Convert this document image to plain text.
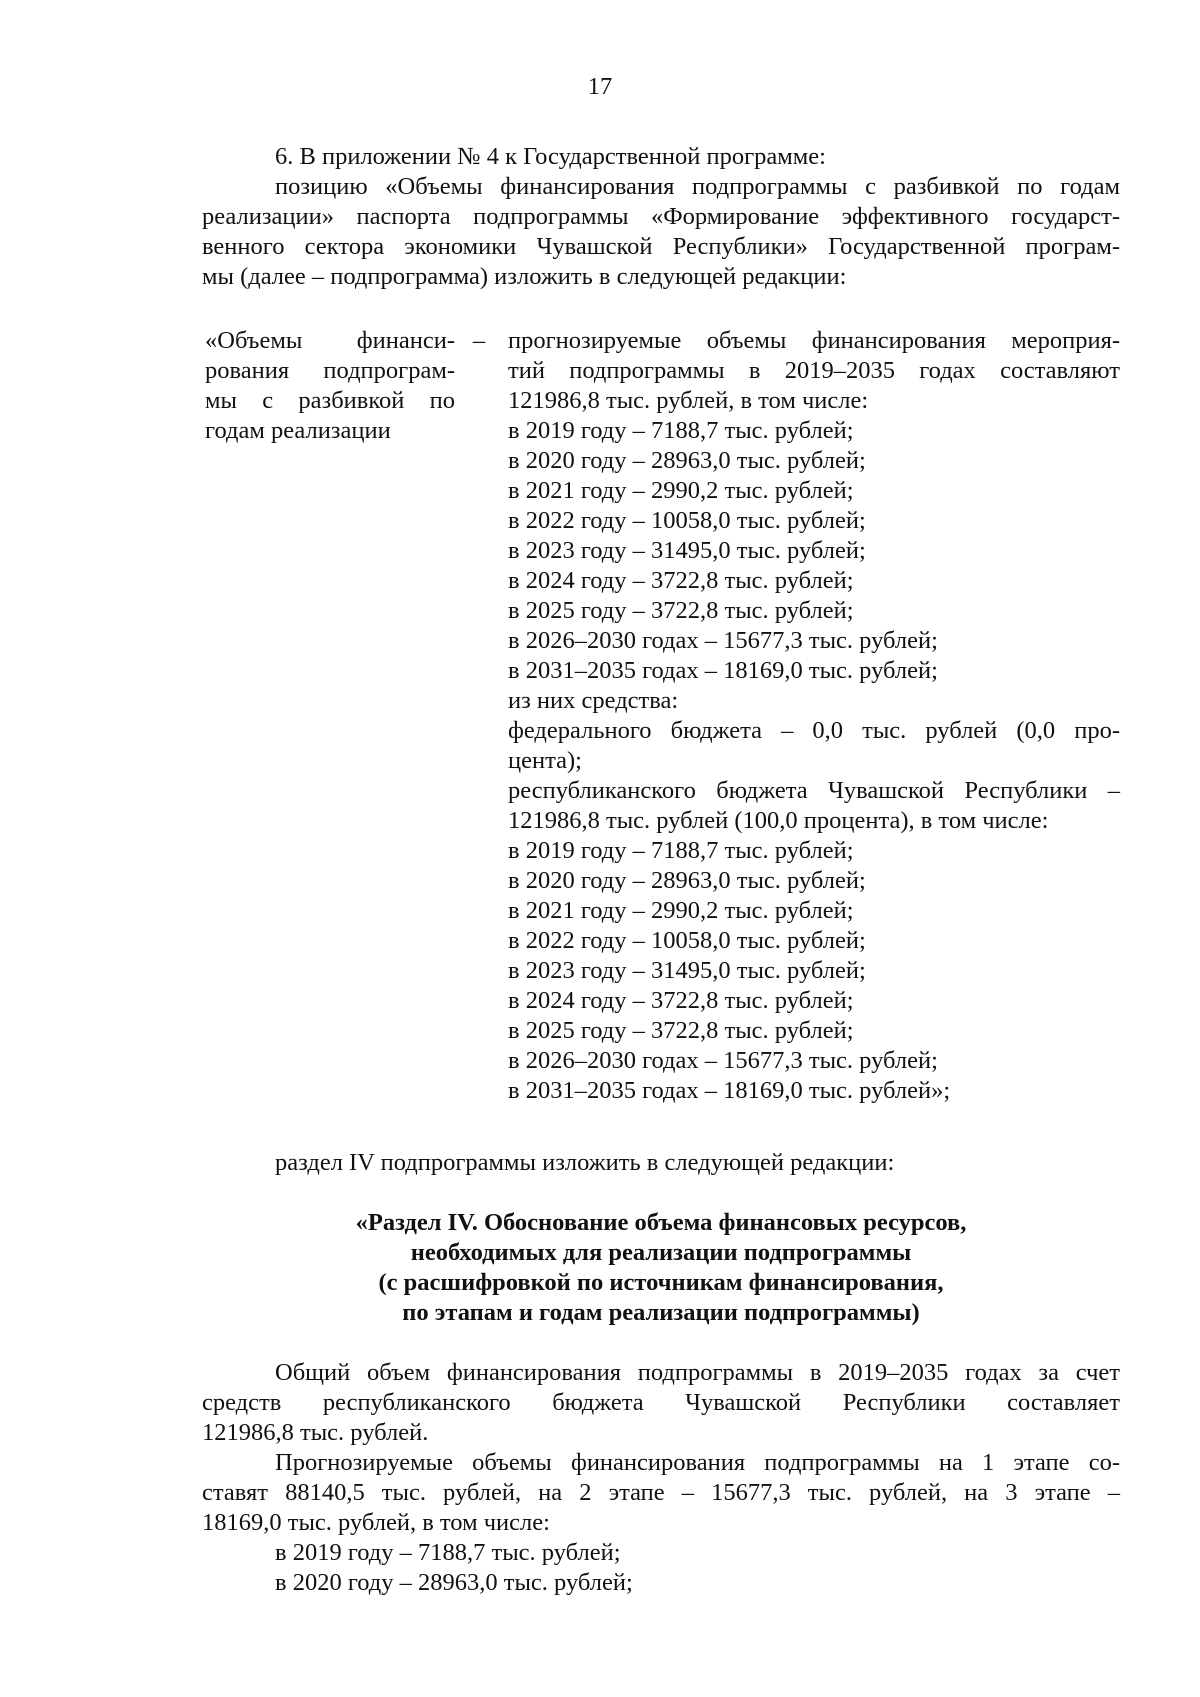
17

6. В приложении № 4 к Государственной программе:

позицию «Объемы финансирования подпрограммы с разбивкой по годам

реализации» паспорта подпрограммы «Формирование эффективного государст-

венного сектора экономики Чувашской Республики» Государственной програм-

мы (далее – подпрограмма) изложить в следующей редакции:

«Объемы финанси-

рования подпрограм-

мы с разбивкой по

годам реализации

– прогнозируемые объемы финансирования мероприя-

тий подпрограммы в 2019–2035 годах составляют

121986,8 тыс. рублей, в том числе:

в 2019 году – 7188,7 тыс. рублей;

в 2020 году – 28963,0 тыс. рублей;

в 2021 году – 2990,2 тыс. рублей;

в 2022 году – 10058,0 тыс. рублей;

в 2023 году – 31495,0 тыс. рублей;

в 2024 году – 3722,8 тыс. рублей;

в 2025 году – 3722,8 тыс. рублей;

в 2026–2030 годах – 15677,3 тыс. рублей;

в 2031–2035 годах – 18169,0 тыс. рублей;

из них средства:

федерального бюджета – 0,0 тыс. рублей (0,0 про-

цента);

республиканского бюджета Чувашской Республики –

121986,8 тыс. рублей (100,0 процента), в том числе:

в 2019 году – 7188,7 тыс. рублей;

в 2020 году – 28963,0 тыс. рублей;

в 2021 году – 2990,2 тыс. рублей;

в 2022 году – 10058,0 тыс. рублей;

в 2023 году – 31495,0 тыс. рублей;

в 2024 году – 3722,8 тыс. рублей;

в 2025 году – 3722,8 тыс. рублей;

в 2026–2030 годах – 15677,3 тыс. рублей;

в 2031–2035 годах – 18169,0 тыс. рублей»;

раздел IV подпрограммы изложить в следующей редакции:
«Раздел IV. Обоснование объема финансовых ресурсов,
необходимых для реализации подпрограммы
(с расшифровкой по источникам финансирования,
по этапам и годам реализации подпрограммы)

Общий объем финансирования подпрограммы в 2019–2035 годах за счет

средств республиканского бюджета Чувашской Республики составляет

121986,8 тыс. рублей.

Прогнозируемые объемы финансирования подпрограммы на 1 этапе со-

ставят 88140,5 тыс. рублей, на 2 этапе – 15677,3 тыс. рублей, на 3 этапе –

18169,0 тыс. рублей, в том числе:

в 2019 году – 7188,7 тыс. рублей;

в 2020 году – 28963,0 тыс. рублей;
